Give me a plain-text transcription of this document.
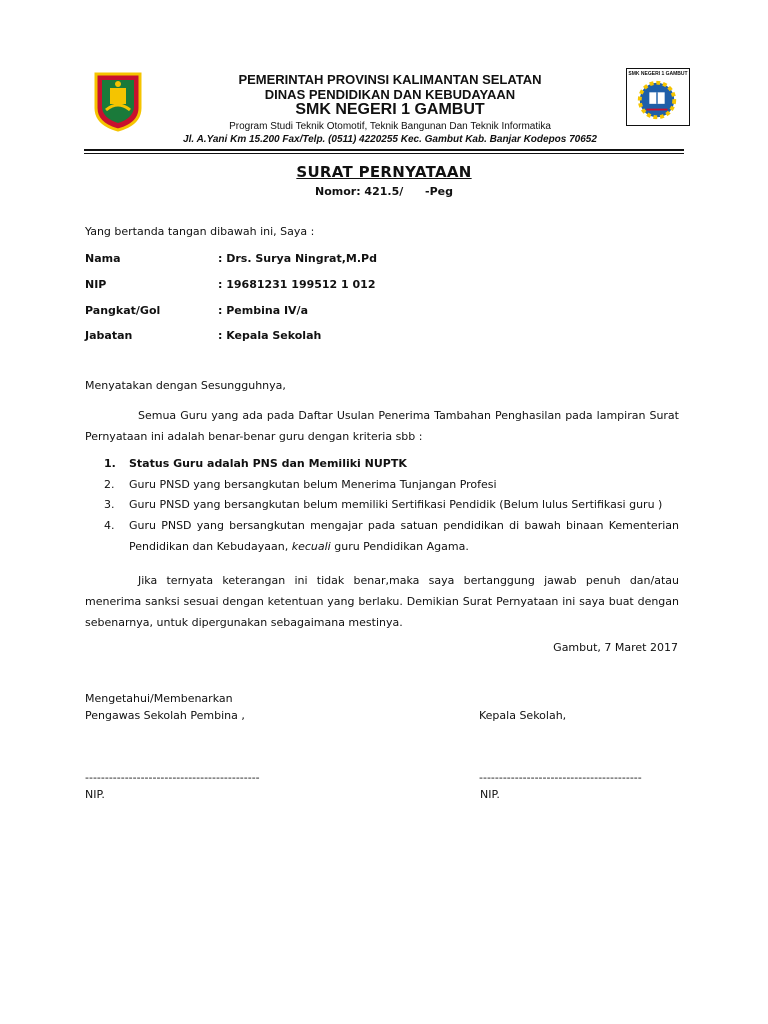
PEMERINTAH PROVINSI KALIMANTAN SELATAN
DINAS PENDIDIKAN DAN KEBUDAYAAN
SMK NEGERI 1 GAMBUT
Program Studi Teknik Otomotif, Teknik Bangunan Dan Teknik Informatika
Jl. A.Yani Km 15.200 Fax/Telp. (0511) 4220255 Kec. Gambut Kab. Banjar Kodepos 70652
SMK NEGERI 1 GAMBUT
SURAT PERNYATAAN
Nomor: 421.5/ -Peg
Yang bertanda tangan dibawah ini, Saya :
Nama	: Drs. Surya Ningrat,M.Pd
NIP	: 19681231 199512 1 012
Pangkat/Gol	: Pembina IV/a
Jabatan	: Kepala Sekolah
Menyatakan dengan Sesungguhnya,
Semua Guru yang ada pada Daftar Usulan Penerima Tambahan Penghasilan pada lampiran Surat Pernyataan ini adalah benar-benar guru dengan kriteria sbb :
1. Status Guru adalah PNS dan Memiliki NUPTK
2. Guru PNSD yang bersangkutan belum Menerima Tunjangan Profesi
3. Guru PNSD yang bersangkutan belum memiliki Sertifikasi Pendidik (Belum lulus Sertifikasi guru )
4. Guru PNSD yang bersangkutan mengajar pada satuan pendidikan di bawah binaan Kementerian
Pendidikan dan Kebudayaan, kecuali guru Pendidikan Agama.
Jika ternyata keterangan ini tidak benar,maka saya bertanggung jawab penuh dan/atau menerima sanksi sesuai dengan ketentuan yang berlaku. Demikian Surat Pernyataan ini saya buat dengan sebenarnya, untuk dipergunakan sebagaimana mestinya.
Gambut, 7 Maret 2017
Mengetahui/Membenarkan
Pengawas Sekolah Pembina ,	Kepala Sekolah,
--------------------------------------------	-----------------------------------------
NIP.	NIP.
